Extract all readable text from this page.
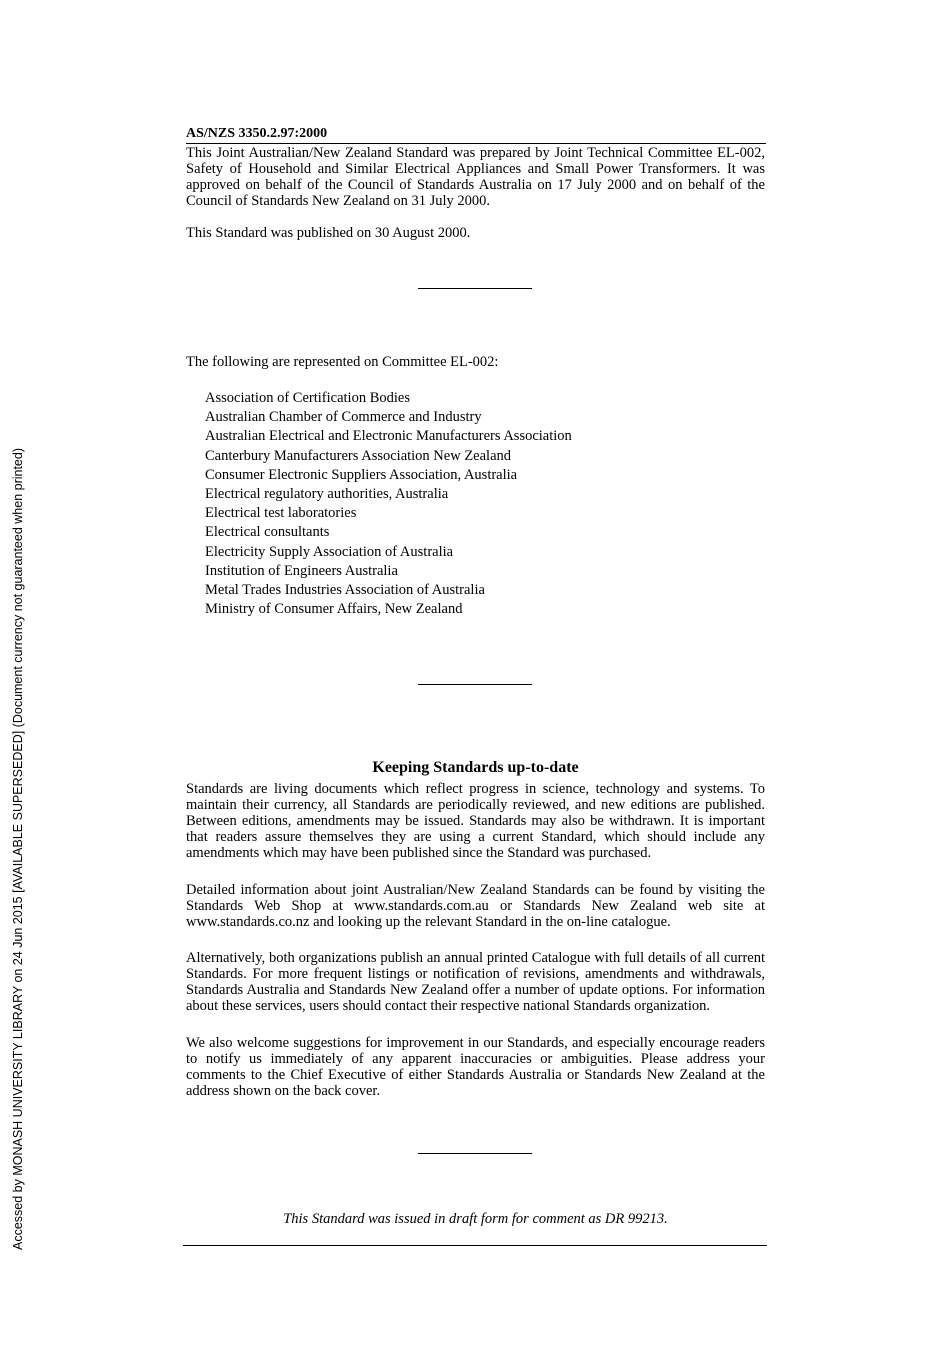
Accessed by MONASH UNIVERSITY LIBRARY on 24 Jun 2015 [AVAILABLE SUPERSEDED] (Document currency not guaranteed when printed)
AS/NZS 3350.2.97:2000
This Joint Australian/New Zealand Standard was prepared by Joint Technical Committee EL-002, Safety of Household and Similar Electrical Appliances and Small Power Transformers. It was approved on behalf of the Council of Standards Australia on 17 July 2000 and on behalf of the Council of Standards New Zealand on 31 July 2000.
This Standard was published on 30 August 2000.
The following are represented on Committee EL-002:
Association of Certification Bodies
Australian Chamber of Commerce and Industry
Australian Electrical and Electronic Manufacturers Association
Canterbury Manufacturers Association New Zealand
Consumer Electronic Suppliers Association, Australia
Electrical regulatory authorities, Australia
Electrical test laboratories
Electrical consultants
Electricity Supply Association of Australia
Institution of Engineers Australia
Metal Trades Industries Association of Australia
Ministry of Consumer Affairs, New Zealand
Keeping Standards up-to-date
Standards are living documents which reflect progress in science, technology and systems. To maintain their currency, all Standards are periodically reviewed, and new editions are published. Between editions, amendments may be issued. Standards may also be withdrawn. It is important that readers assure themselves they are using a current Standard, which should include any amendments which may have been published since the Standard was purchased.
Detailed information about joint Australian/New Zealand Standards can be found by visiting the Standards Web Shop at www.standards.com.au or Standards New Zealand web site at www.standards.co.nz and looking up the relevant Standard in the on-line catalogue.
Alternatively, both organizations publish an annual printed Catalogue with full details of all current Standards. For more frequent listings or notification of revisions, amendments and withdrawals, Standards Australia and Standards New Zealand offer a number of update options. For information about these services, users should contact their respective national Standards organization.
We also welcome suggestions for improvement in our Standards, and especially encourage readers to notify us immediately of any apparent inaccuracies or ambiguities. Please address your comments to the Chief Executive of either Standards Australia or Standards New Zealand at the address shown on the back cover.
This Standard was issued in draft form for comment as DR 99213.
